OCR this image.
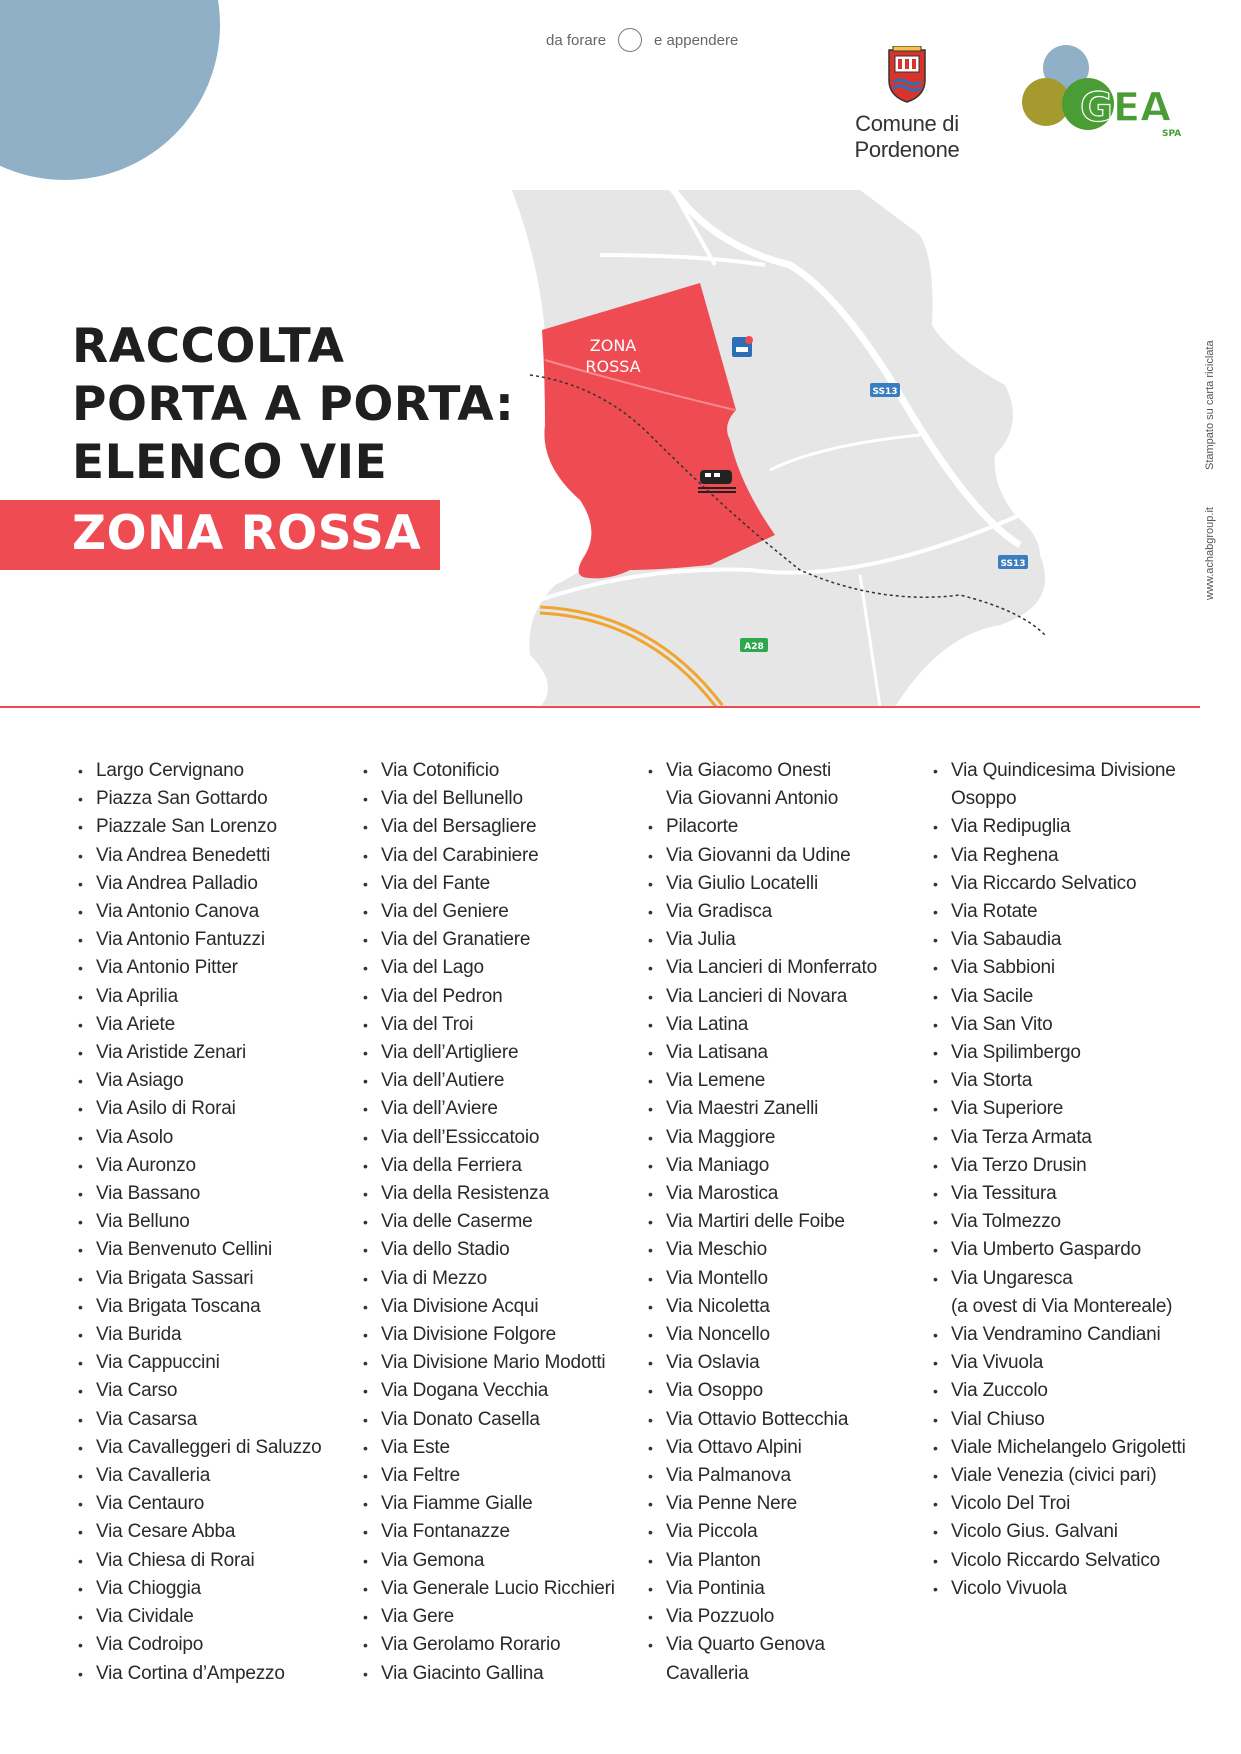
da forare	e appendere
Comune di Pordenone
GEA
SPA
RACCOLTA
PORTA A PORTA:
ELENCO VIE
ZONA ROSSA
ZONA
ROSSA
SS13
SS13
A28
Stampato su carta riciclata
www.achabgroup.it
• Largo Cervignano
• Piazza San Gottardo
• Piazzale San Lorenzo
• Via Andrea Benedetti
• Via Andrea Palladio
• Via Antonio Canova
• Via Antonio Fantuzzi
• Via Antonio Pitter
• Via Aprilia
• Via Ariete
• Via Aristide Zenari
• Via Asiago
• Via Asilo di Rorai
• Via Asolo
• Via Auronzo
• Via Bassano
• Via Belluno
• Via Benvenuto Cellini
• Via Brigata Sassari
• Via Brigata Toscana
• Via Burida
• Via Cappuccini
• Via Carso
• Via Casarsa
• Via Cavalleggeri di Saluzzo
• Via Cavalleria
• Via Centauro
• Via Cesare Abba
• Via Chiesa di Rorai
• Via Chioggia
• Via Cividale
• Via Codroipo
• Via Cortina d’Ampezzo
• Via Cotonificio
• Via del Bellunello
• Via del Bersagliere
• Via del Carabiniere
• Via del Fante
• Via del Geniere
• Via del Granatiere
• Via del Lago
• Via del Pedron
• Via del Troi
• Via dell’Artigliere
• Via dell’Autiere
• Via dell’Aviere
• Via dell’Essiccatoio
• Via della Ferriera
• Via della Resistenza
• Via delle Caserme
• Via dello Stadio
• Via di Mezzo
• Via Divisione Acqui
• Via Divisione Folgore
• Via Divisione Mario Modotti
• Via Dogana Vecchia
• Via Donato Casella
• Via Este
• Via Feltre
• Via Fiamme Gialle
• Via Fontanazze
• Via Gemona
• Via Generale Lucio Ricchieri
• Via Gere
• Via Gerolamo Rorario
• Via Giacinto Gallina
• Via Giacomo Onesti
Via Giovanni Antonio
• Pilacorte
• Via Giovanni da Udine
• Via Giulio Locatelli
• Via Gradisca
• Via Julia
• Via Lancieri di Monferrato
• Via Lancieri di Novara
• Via Latina
• Via Latisana
• Via Lemene
• Via Maestri Zanelli
• Via Maggiore
• Via Maniago
• Via Marostica
• Via Martiri delle Foibe
• Via Meschio
• Via Montello
• Via Nicoletta
• Via Noncello
• Via Oslavia
• Via Osoppo
• Via Ottavio Bottecchia
• Via Ottavo Alpini
• Via Palmanova
• Via Penne Nere
• Via Piccola
• Via Planton
• Via Pontinia
• Via Pozzuolo
• Via Quarto Genova
Cavalleria
• Via Quindicesima Divisione
Osoppo
• Via Redipuglia
• Via Reghena
• Via Riccardo Selvatico
• Via Rotate
• Via Sabaudia
• Via Sabbioni
• Via Sacile
• Via San Vito
• Via Spilimbergo
• Via Storta
• Via Superiore
• Via Terza Armata
• Via Terzo Drusin
• Via Tessitura
• Via Tolmezzo
• Via Umberto Gaspardo
• Via Ungaresca
(a ovest di Via Montereale)
• Via Vendramino Candiani
• Via Vivuola
• Via Zuccolo
• Vial Chiuso
• Viale Michelangelo Grigoletti
• Viale Venezia (civici pari)
• Vicolo Del Troi
• Vicolo Gius. Galvani
• Vicolo Riccardo Selvatico
• Vicolo Vivuola
